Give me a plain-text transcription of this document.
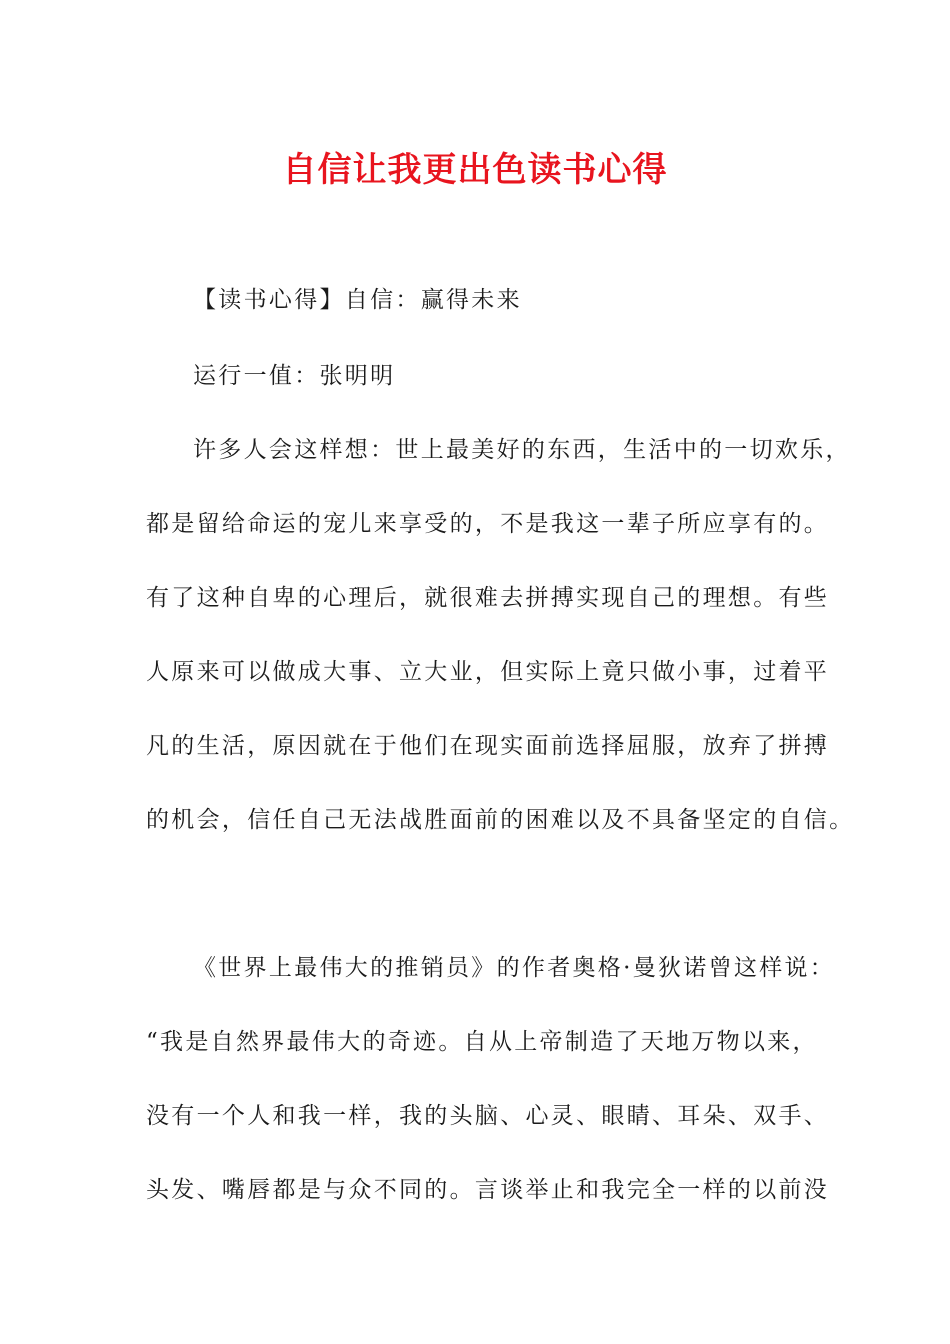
自信让我更出色读书心得

【读书心得】自信：赢得未来

运行一值：张明明

许多人会这样想：世上最美好的东西，生活中的一切欢乐，

都是留给命运的宠儿来享受的，不是我这一辈子所应享有的。

有了这种自卑的心理后，就很难去拼搏实现自己的理想。有些

人原来可以做成大事、立大业，但实际上竟只做小事，过着平

凡的生活，原因就在于他们在现实面前选择屈服，放弃了拼搏

的机会，信任自己无法战胜面前的困难以及不具备坚定的自信。

《世界上最伟大的推销员》的作者奥格·曼狄诺曾这样说：

“我是自然界最伟大的奇迹。自从上帝制造了天地万物以来，

没有一个人和我一样，我的头脑、心灵、眼睛、耳朵、双手、

头发、嘴唇都是与众不同的。言谈举止和我完全一样的以前没
